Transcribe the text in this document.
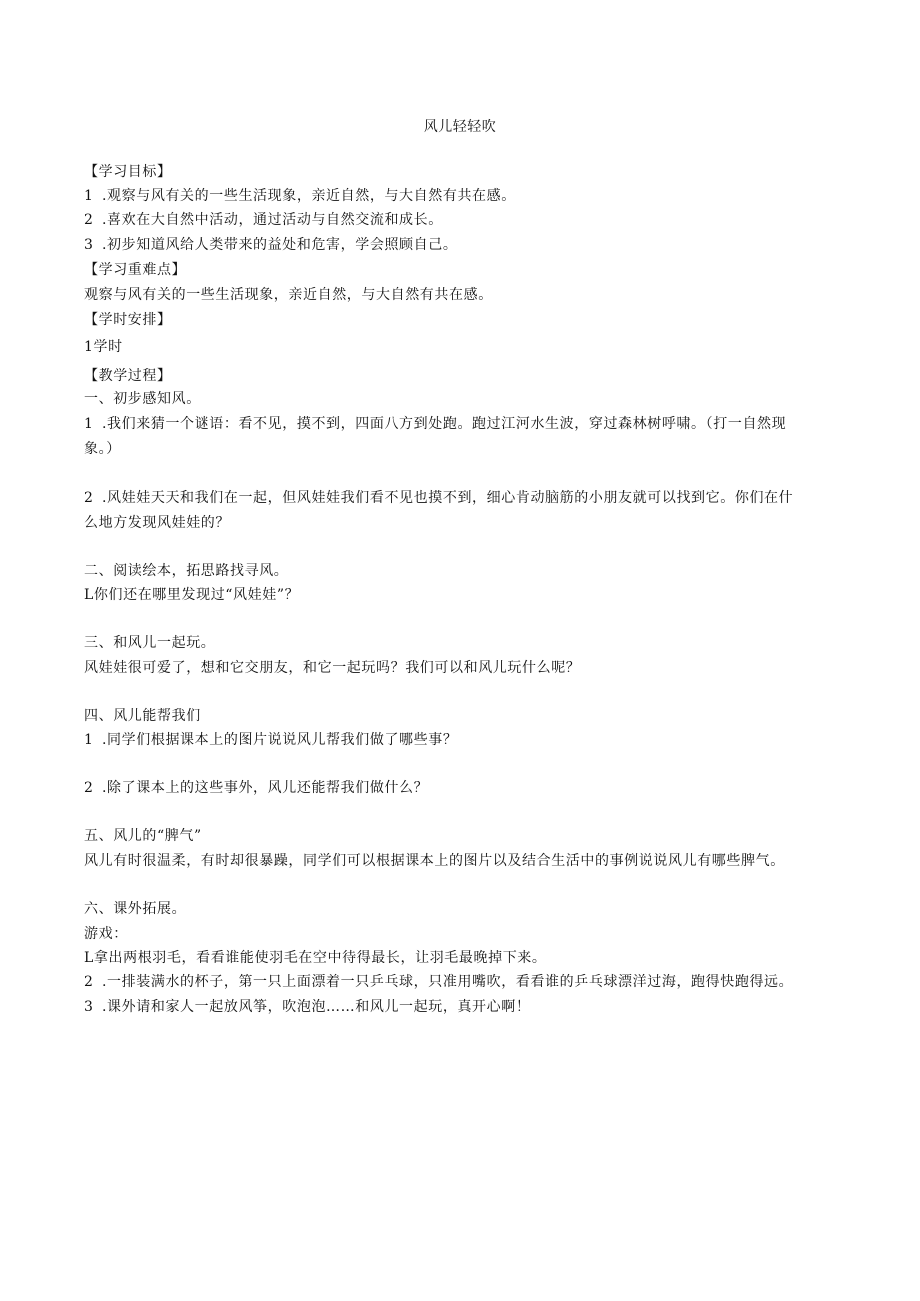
风儿轻轻吹
【学习目标】
1 .观察与风有关的一些生活现象，亲近自然，与大自然有共在感。
2 .喜欢在大自然中活动，通过活动与自然交流和成长。
3 .初步知道风给人类带来的益处和危害，学会照顾自己。
【学习重难点】
观察与风有关的一些生活现象，亲近自然，与大自然有共在感。
【学时安排】
1学时
【教学过程】
一、初步感知风。
1 .我们来猜一个谜语：看不见，摸不到，四面八方到处跑。跑过江河水生波，穿过森林树呼啸。（打一自然现
象。）
2 .风娃娃天天和我们在一起，但风娃娃我们看不见也摸不到，细心肯动脑筋的小朋友就可以找到它。你们在什
么地方发现风娃娃的？
二、阅读绘本，拓思路找寻风。
L你们还在哪里发现过“风娃娃”？
三、和风儿一起玩。
风娃娃很可爱了，想和它交朋友，和它一起玩吗？我们可以和风儿玩什么呢？
四、风儿能帮我们
1 .同学们根据课本上的图片说说风儿帮我们做了哪些事？
2 .除了课本上的这些事外，风儿还能帮我们做什么？
五、风儿的“脾气”
风儿有时很温柔，有时却很暴躁，同学们可以根据课本上的图片以及结合生活中的事例说说风儿有哪些脾气。
六、课外拓展。
游戏：
L拿出两根羽毛，看看谁能使羽毛在空中待得最长，让羽毛最晚掉下来。
2 .一排装满水的杯子，第一只上面漂着一只乒乓球，只准用嘴吹，看看谁的乒乓球漂洋过海，跑得快跑得远。
3 .课外请和家人一起放风筝，吹泡泡……和风儿一起玩，真开心啊！
